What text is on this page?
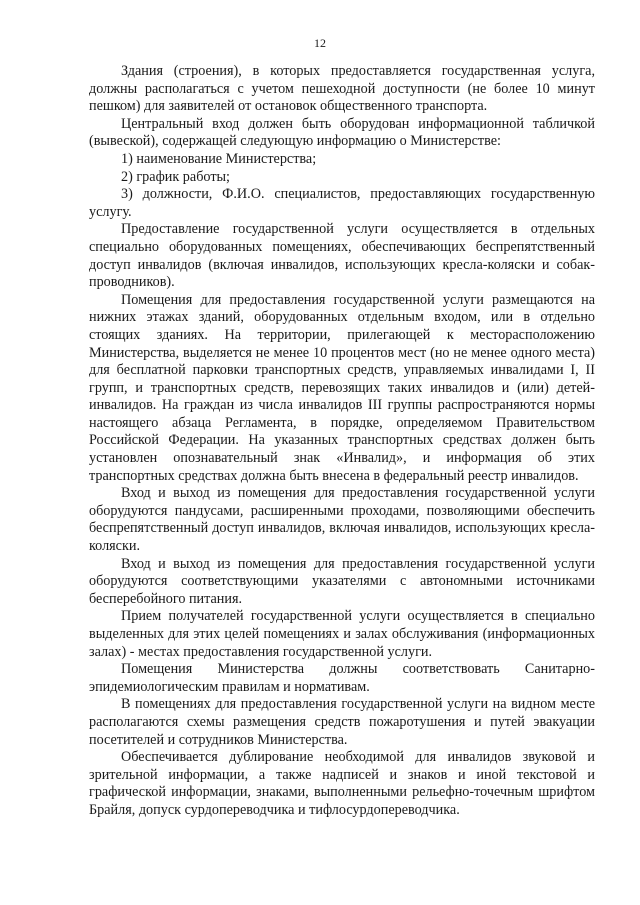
12

Здания (строения), в которых предоставляется государственная услуга, должны располагаться с учетом пешеходной доступности (не более 10 минут пешком) для заявителей от остановок общественного транспорта.

Центральный вход должен быть оборудован информационной табличкой (вывеской), содержащей следующую информацию о Министерстве:

1) наименование Министерства;

2) график работы;

3) должности, Ф.И.О. специалистов, предоставляющих государственную услугу.

Предоставление государственной услуги осуществляется в отдельных специально оборудованных помещениях, обеспечивающих беспрепятственный доступ инвалидов (включая инвалидов, использующих кресла-коляски и собак-проводников).

Помещения для предоставления государственной услуги размещаются на нижних этажах зданий, оборудованных отдельным входом, или в отдельно стоящих зданиях. На территории, прилегающей к месторасположению Министерства, выделяется не менее 10 процентов мест (но не менее одного места) для бесплатной парковки транспортных средств, управляемых инвалидами I, II групп, и транспортных средств, перевозящих таких инвалидов и (или) детей-инвалидов. На граждан из числа инвалидов III группы распространяются нормы настоящего абзаца Регламента, в порядке, определяемом Правительством Российской Федерации. На указанных транспортных средствах должен быть установлен опознавательный знак «Инвалид», и информация об этих транспортных средствах должна быть внесена в федеральный реестр инвалидов.

Вход и выход из помещения для предоставления государственной услуги оборудуются пандусами, расширенными проходами, позволяющими обеспечить беспрепятственный доступ инвалидов, включая инвалидов, использующих кресла-коляски.

Вход и выход из помещения для предоставления государственной услуги оборудуются соответствующими указателями с автономными источниками бесперебойного питания.

Прием получателей государственной услуги осуществляется в специально выделенных для этих целей помещениях и залах обслуживания (информационных залах) - местах предоставления государственной услуги.

Помещения Министерства должны соответствовать Санитарно-эпидемиологическим правилам и нормативам.

В помещениях для предоставления государственной услуги на видном месте располагаются схемы размещения средств пожаротушения и путей эвакуации посетителей и сотрудников Министерства.

Обеспечивается дублирование необходимой для инвалидов звуковой и зрительной информации, а также надписей и знаков и иной текстовой и графической информации, знаками, выполненными рельефно-точечным шрифтом Брайля, допуск сурдопереводчика и тифлосурдопереводчика.
